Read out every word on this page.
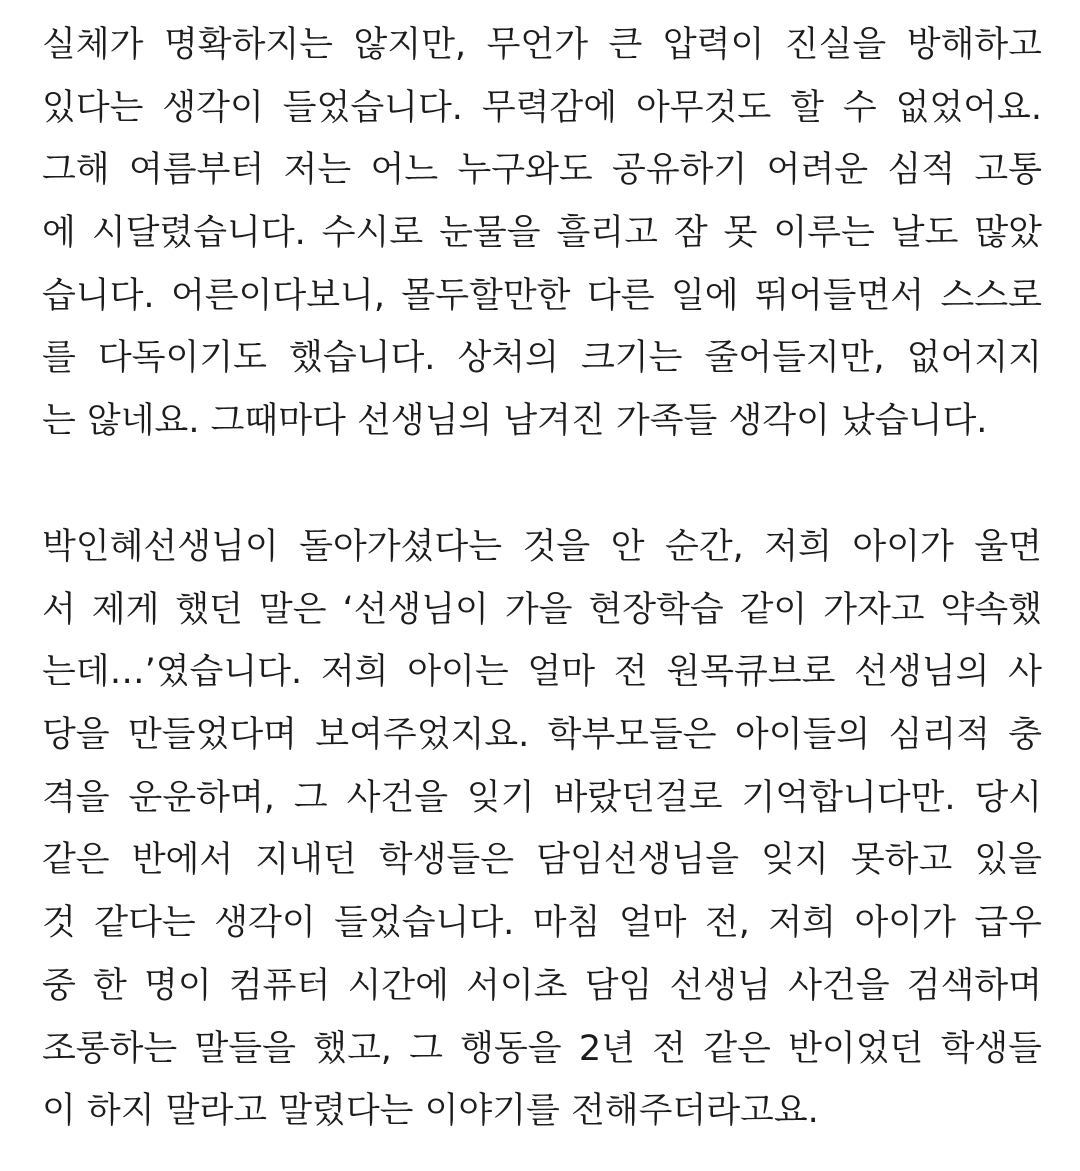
실체가 명확하지는 않지만, 무언가 큰 압력이 진실을 방해하고
있다는 생각이 들었습니다. 무력감에 아무것도 할 수 없었어요.
그해 여름부터 저는 어느 누구와도 공유하기 어려운 심적 고통
에 시달렸습니다. 수시로 눈물을 흘리고 잠 못 이루는 날도 많았
습니다. 어른이다보니, 몰두할만한 다른 일에 뛰어들면서 스스로
를 다독이기도 했습니다. 상처의 크기는 줄어들지만, 없어지지
는 않네요. 그때마다 선생님의 남겨진 가족들 생각이 났습니다.
박인혜선생님이 돌아가셨다는 것을 안 순간, 저희 아이가 울면
서 제게 했던 말은 ‘선생님이 가을 현장학습 같이 가자고 약속했
는데…’였습니다. 저희 아이는 얼마 전 원목큐브로 선생님의 사
당을 만들었다며 보여주었지요. 학부모들은 아이들의 심리적 충
격을 운운하며, 그 사건을 잊기 바랐던걸로 기억합니다만. 당시
같은 반에서 지내던 학생들은 담임선생님을 잊지 못하고 있을
것 같다는 생각이 들었습니다. 마침 얼마 전, 저희 아이가 급우
중 한 명이 컴퓨터 시간에 서이초 담임 선생님 사건을 검색하며
조롱하는 말들을 했고, 그 행동을 2년 전 같은 반이었던 학생들
이 하지 말라고 말렸다는 이야기를 전해주더라고요.
